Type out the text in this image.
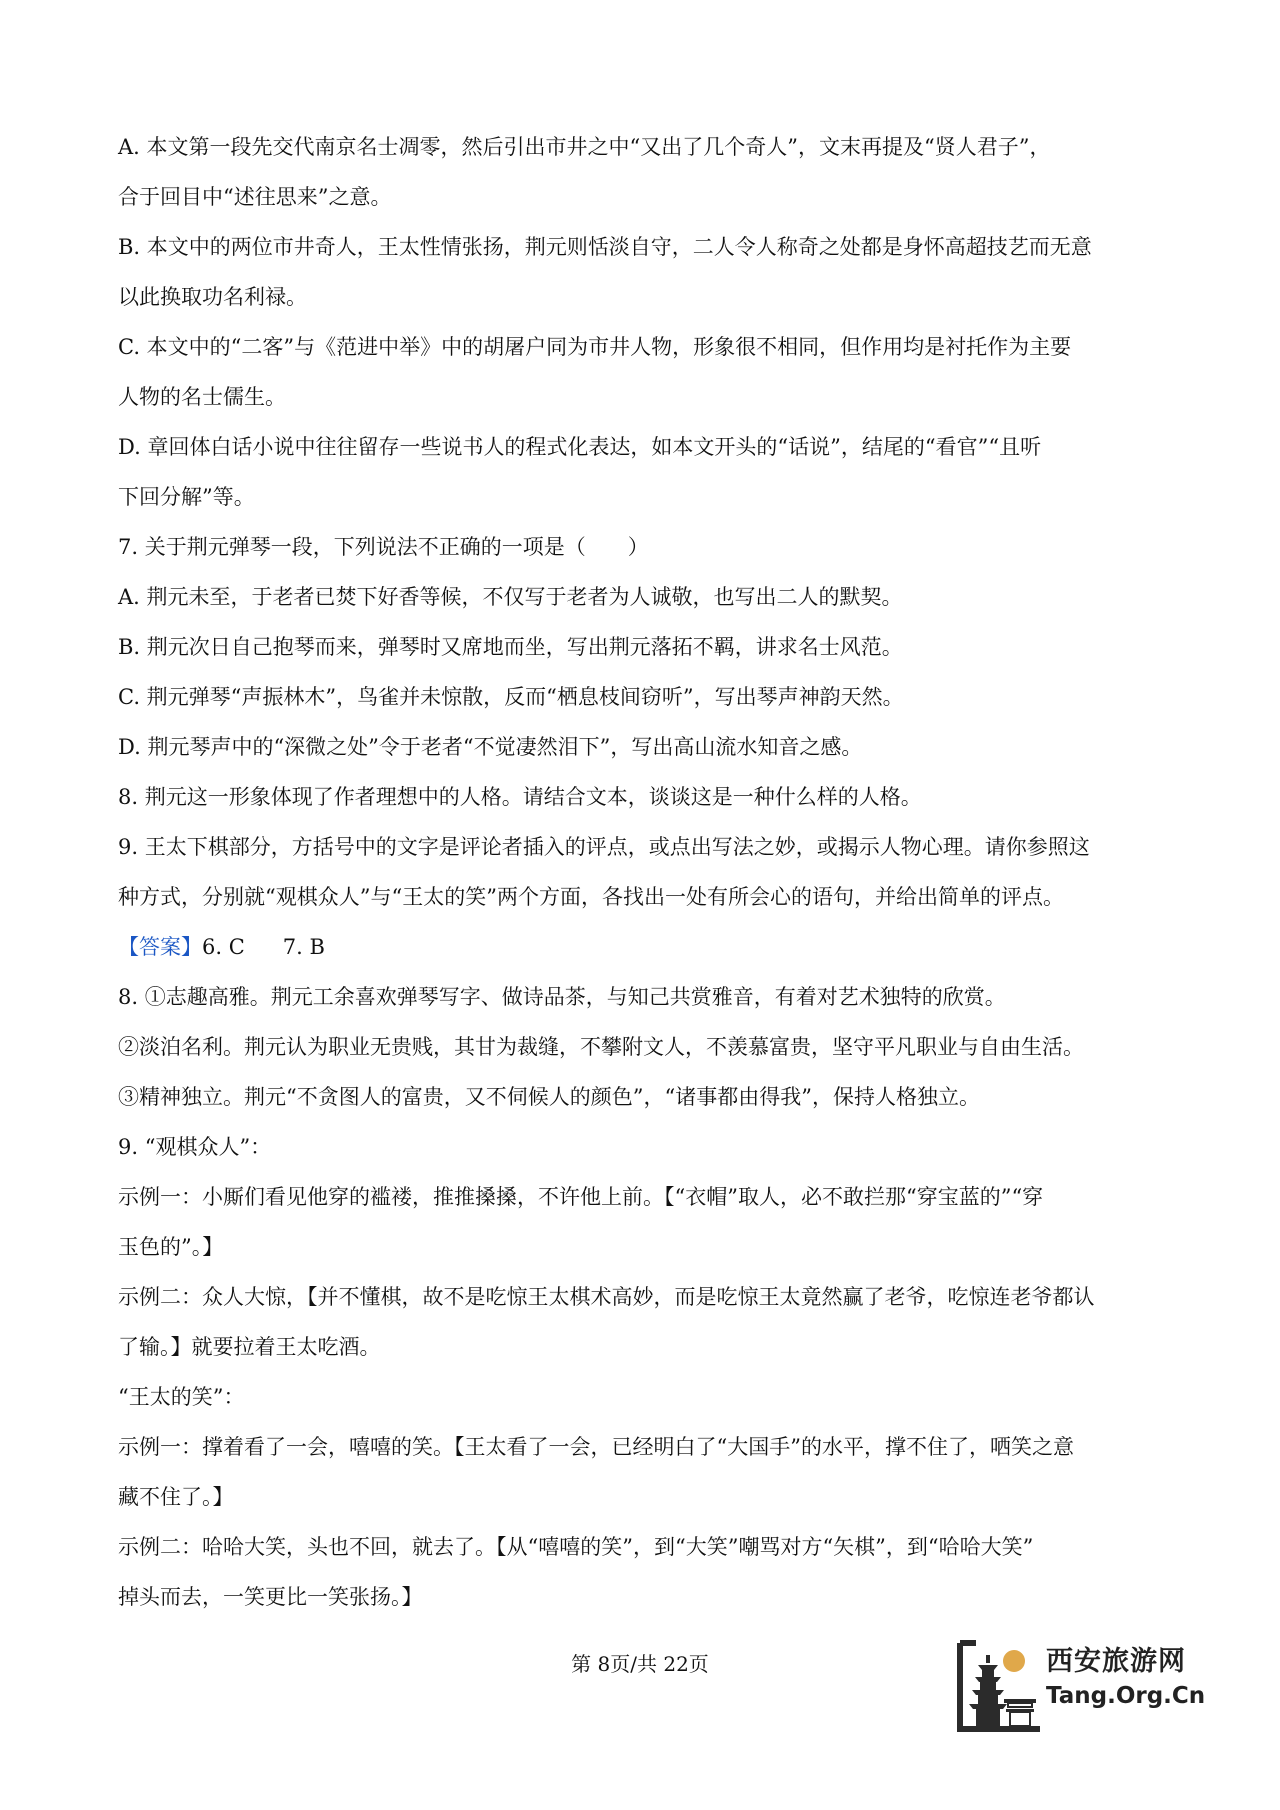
A. 本文第一段先交代南京名士凋零，然后引出市井之中“又出了几个奇人”，文末再提及“贤人君子”，

合于回目中“述往思来”之意。

B. 本文中的两位市井奇人，王太性情张扬，荆元则恬淡自守，二人令人称奇之处都是身怀高超技艺而无意

以此换取功名利禄。

C. 本文中的“二客”与《范进中举》中的胡屠户同为市井人物，形象很不相同，但作用均是衬托作为主要

人物的名士儒生。

D. 章回体白话小说中往往留存一些说书人的程式化表达，如本文开头的“话说”，结尾的“看官”“且听

下回分解”等。

7. 关于荆元弹琴一段，下列说法不正确的一项是（　　）

A. 荆元未至，于老者已焚下好香等候，不仅写于老者为人诚敬，也写出二人的默契。

B. 荆元次日自己抱琴而来，弹琴时又席地而坐，写出荆元落拓不羁，讲求名士风范。

C. 荆元弹琴“声振林木”，鸟雀并未惊散，反而“栖息枝间窃听”，写出琴声神韵天然。

D. 荆元琴声中的“深微之处”令于老者“不觉凄然泪下”，写出高山流水知音之感。

8. 荆元这一形象体现了作者理想中的人格。请结合文本，谈谈这是一种什么样的人格。

9. 王太下棋部分，方括号中的文字是评论者插入的评点，或点出写法之妙，或揭示人物心理。请你参照这

种方式，分别就“观棋众人”与“王太的笑”两个方面，各找出一处有所会心的语句，并给出简单的评点。

【答案】6. C 7. B

8. ①志趣高雅。荆元工余喜欢弹琴写字、做诗品茶，与知己共赏雅音，有着对艺术独特的欣赏。

②淡泊名利。荆元认为职业无贵贱，其甘为裁缝，不攀附文人，不羡慕富贵，坚守平凡职业与自由生活。

③精神独立。荆元“不贪图人的富贵，又不伺候人的颜色”，“诸事都由得我”，保持人格独立。

9. “观棋众人”：

示例一：小厮们看见他穿的褴褛，推推搡搡，不许他上前。【“衣帽”取人，必不敢拦那“穿宝蓝的”“穿

玉色的”。】

示例二：众人大惊，【并不懂棋，故不是吃惊王太棋术高妙，而是吃惊王太竟然赢了老爷，吃惊连老爷都认

了输。】就要拉着王太吃酒。

“王太的笑”：

示例一：撑着看了一会，嘻嘻的笑。【王太看了一会，已经明白了“大国手”的水平，撑不住了，哂笑之意

藏不住了。】

示例二：哈哈大笑，头也不回，就去了。【从“嘻嘻的笑”，到“大笑”嘲骂对方“矢棋”，到“哈哈大笑”

掉头而去，一笑更比一笑张扬。】

第 8页/共 22页	西安旅游网
Tang.Org.Cn
